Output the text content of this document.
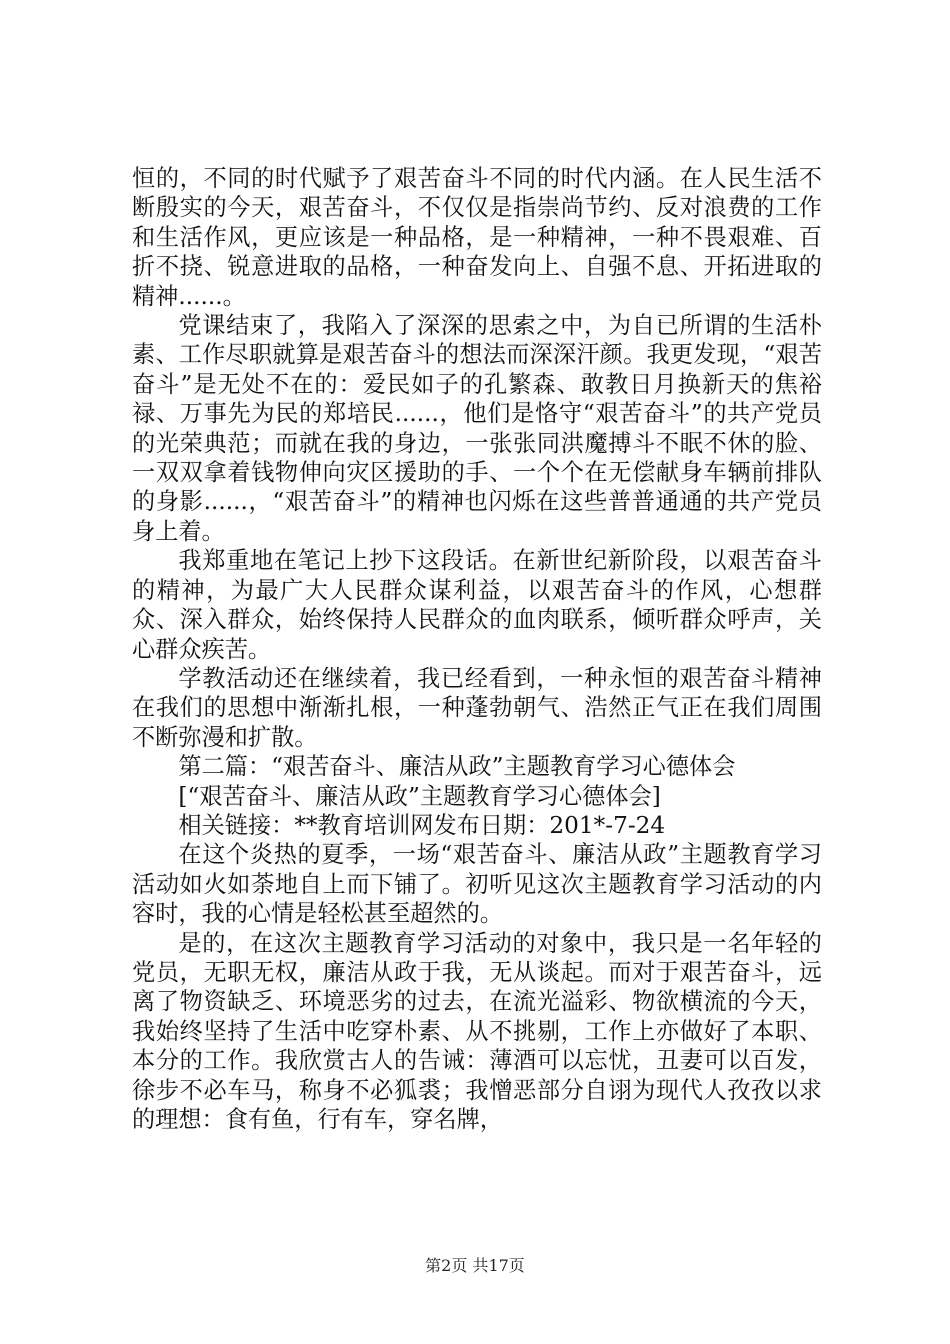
恒的，不同的时代赋予了艰苦奋斗不同的时代内涵。在人民生活不断殷实的今天，艰苦奋斗，不仅仅是指崇尚节约、反对浪费的工作和生活作风，更应该是一种品格，是一种精神，一种不畏艰难、百折不挠、锐意进取的品格，一种奋发向上、自强不息、开拓进取的精神......。

党课结束了，我陷入了深深的思索之中，为自已所谓的生活朴素、工作尽职就算是艰苦奋斗的想法而深深汗颜。我更发现，“艰苦奋斗”是无处不在的：爱民如子的孔繁森、敢教日月换新天的焦裕禄、万事先为民的郑培民......，他们是恪守“艰苦奋斗”的共产党员的光荣典范；而就在我的身边，一张张同洪魔搏斗不眠不休的脸、一双双拿着钱物伸向灾区援助的手、一个个在无偿献身车辆前排队的身影......，“艰苦奋斗”的精神也闪烁在这些普普通通的共产党员身上着。

我郑重地在笔记上抄下这段话。在新世纪新阶段，以艰苦奋斗的精神，为最广大人民群众谋利益，以艰苦奋斗的作风，心想群众、深入群众，始终保持人民群众的血肉联系，倾听群众呼声，关心群众疾苦。

学教活动还在继续着，我已经看到，一种永恒的艰苦奋斗精神在我们的思想中渐渐扎根，一种蓬勃朝气、浩然正气正在我们周围不断弥漫和扩散。

第二篇：“艰苦奋斗、廉洁从政”主题教育学习心德体会

[“艰苦奋斗、廉洁从政”主题教育学习心德体会]

相关链接：**教育培训网发布日期：201*-7-24

在这个炎热的夏季，一场“艰苦奋斗、廉洁从政”主题教育学习活动如火如荼地自上而下铺了。初听见这次主题教育学习活动的内容时，我的心情是轻松甚至超然的。

是的，在这次主题教育学习活动的对象中，我只是一名年轻的党员，无职无权，廉洁从政于我，无从谈起。而对于艰苦奋斗，远离了物资缺乏、环境恶劣的过去，在流光溢彩、物欲横流的今天，我始终坚持了生活中吃穿朴素、从不挑剔，工作上亦做好了本职、本分的工作。我欣赏古人的告诫：薄酒可以忘忧，丑妻可以百发，徐步不必车马，称身不必狐裘；我憎恶部分自诩为现代人孜孜以求的理想：食有鱼，行有车，穿名牌，

第2页 共17页
